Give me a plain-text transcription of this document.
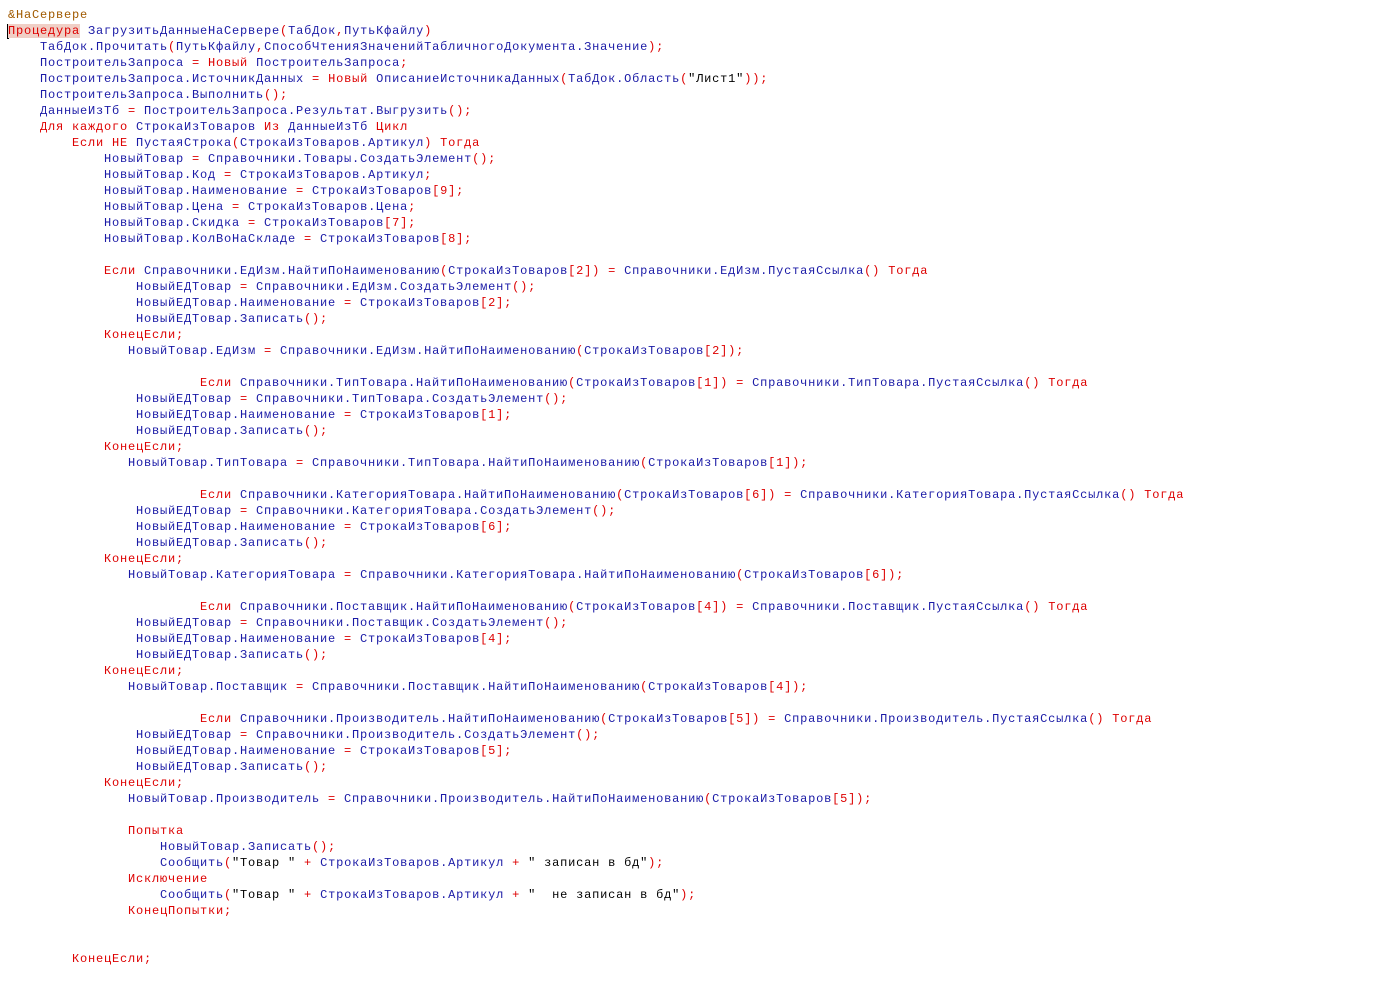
&НаСервере
Процедура ЗагрузитьДанныеНаСервере(ТабДок,ПутьКфайлу)
ТабДок.Прочитать(ПутьКфайлу,СпособЧтенияЗначенийТабличногоДокумента.Значение);
ПостроительЗапроса = Новый ПостроительЗапроса;
ПостроительЗапроса.ИсточникДанных = Новый ОписаниеИсточникаДанных(ТабДок.Область("Лист1"));
ПостроительЗапроса.Выполнить();
ДанныеИзТб = ПостроительЗапроса.Результат.Выгрузить();
Для каждого СтрокаИзТоваров Из ДанныеИзТб Цикл
Если НЕ ПустаяСтрока(СтрокаИзТоваров.Артикул) Тогда
НовыйТовар = Справочники.Товары.СоздатьЭлемент();
НовыйТовар.Код = СтрокаИзТоваров.Артикул;
НовыйТовар.Наименование = СтрокаИзТоваров[9];
НовыйТовар.Цена = СтрокаИзТоваров.Цена;
НовыйТовар.Скидка = СтрокаИзТоваров[7];
НовыйТовар.КолВоНаСкладе = СтрокаИзТоваров[8];
Если Справочники.ЕдИзм.НайтиПоНаименованию(СтрокаИзТоваров[2]) = Справочники.ЕдИзм.ПустаяСсылка() Тогда
НовыйЕДТовар = Справочники.ЕдИзм.СоздатьЭлемент();
НовыйЕДТовар.Наименование = СтрокаИзТоваров[2];
НовыйЕДТовар.Записать();
КонецЕсли;
НовыйТовар.ЕдИзм = Справочники.ЕдИзм.НайтиПоНаименованию(СтрокаИзТоваров[2]);
Если Справочники.ТипТовара.НайтиПоНаименованию(СтрокаИзТоваров[1]) = Справочники.ТипТовара.ПустаяСсылка() Тогда
НовыйЕДТовар = Справочники.ТипТовара.СоздатьЭлемент();
НовыйЕДТовар.Наименование = СтрокаИзТоваров[1];
НовыйЕДТовар.Записать();
КонецЕсли;
НовыйТовар.ТипТовара = Справочники.ТипТовара.НайтиПоНаименованию(СтрокаИзТоваров[1]);
Если Справочники.КатегорияТовара.НайтиПоНаименованию(СтрокаИзТоваров[6]) = Справочники.КатегорияТовара.ПустаяСсылка() Тогда
НовыйЕДТовар = Справочники.КатегорияТовара.СоздатьЭлемент();
НовыйЕДТовар.Наименование = СтрокаИзТоваров[6];
НовыйЕДТовар.Записать();
КонецЕсли;
НовыйТовар.КатегорияТовара = Справочники.КатегорияТовара.НайтиПоНаименованию(СтрокаИзТоваров[6]);
Если Справочники.Поставщик.НайтиПоНаименованию(СтрокаИзТоваров[4]) = Справочники.Поставщик.ПустаяСсылка() Тогда
НовыйЕДТовар = Справочники.Поставщик.СоздатьЭлемент();
НовыйЕДТовар.Наименование = СтрокаИзТоваров[4];
НовыйЕДТовар.Записать();
КонецЕсли;
НовыйТовар.Поставщик = Справочники.Поставщик.НайтиПоНаименованию(СтрокаИзТоваров[4]);
Если Справочники.Производитель.НайтиПоНаименованию(СтрокаИзТоваров[5]) = Справочники.Производитель.ПустаяСсылка() Тогда
НовыйЕДТовар = Справочники.Производитель.СоздатьЭлемент();
НовыйЕДТовар.Наименование = СтрокаИзТоваров[5];
НовыйЕДТовар.Записать();
КонецЕсли;
НовыйТовар.Производитель = Справочники.Производитель.НайтиПоНаименованию(СтрокаИзТоваров[5]);
Попытка
НовыйТовар.Записать();
Сообщить("Товар " + СтрокаИзТоваров.Артикул + " записан в бд");
Исключение
Сообщить("Товар " + СтрокаИзТоваров.Артикул + "  не записан в бд");
КонецПопытки;
КонецЕсли;
